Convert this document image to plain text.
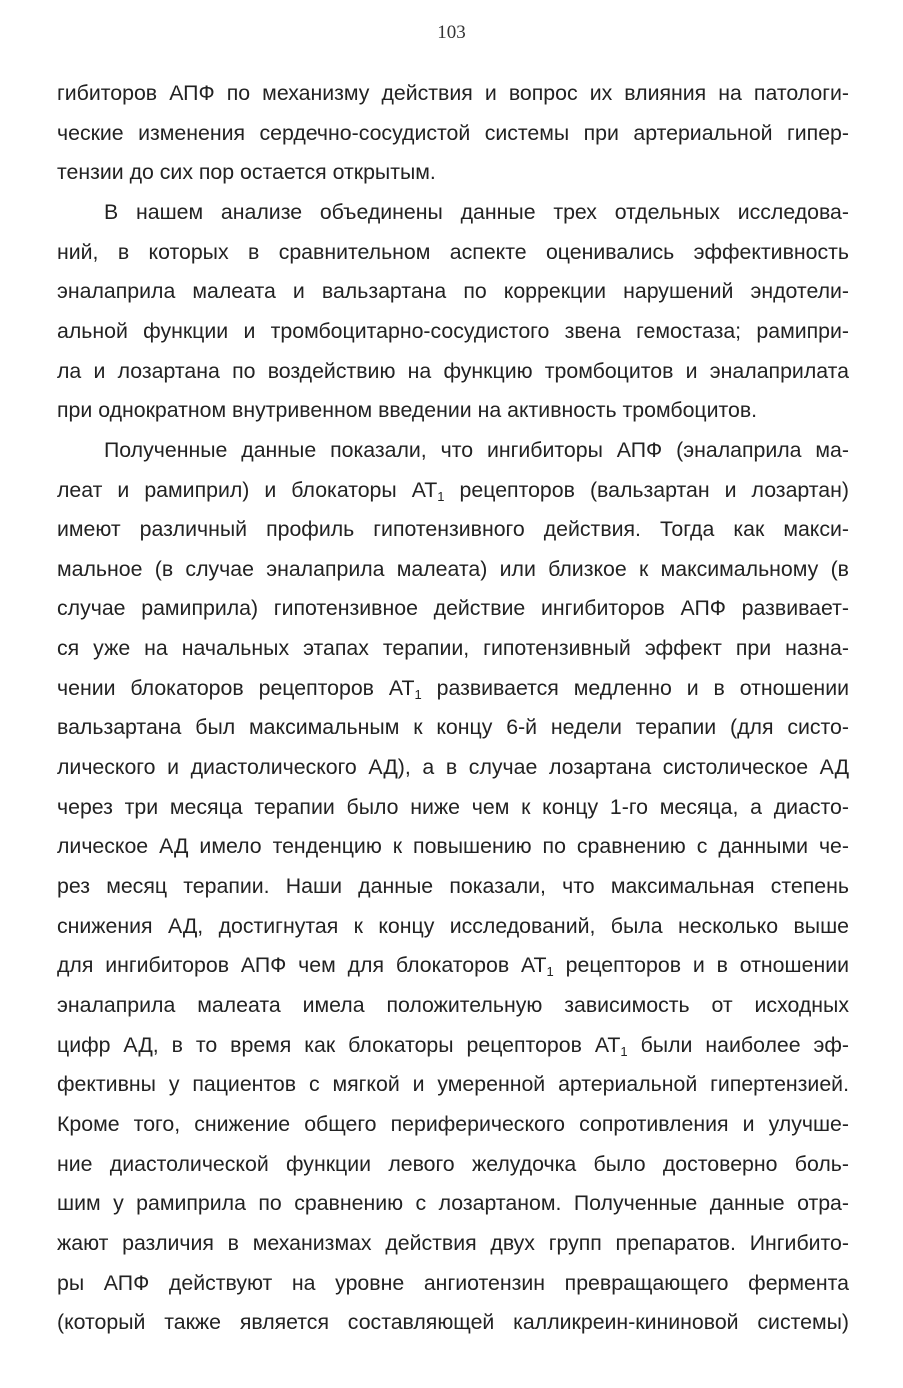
103
гибиторов АПФ по механизму действия и вопрос их влияния на патологи-
ческие изменения сердечно-сосудистой системы при артериальной гипер-
тензии до сих пор остается открытым.
В нашем анализе объединены данные трех отдельных исследова-
ний, в которых в сравнительном аспекте оценивались эффективность
эналаприла малеата и вальзартана по коррекции нарушений эндотели-
альной функции и тромбоцитарно-сосудистого звена гемостаза; рамипри-
ла и лозартана по воздействию на функцию тромбоцитов и эналаприлата
при однократном внутривенном введении на активность тромбоцитов.
Полученные данные показали, что ингибиторы АПФ (эналаприла ма-
леат и рамиприл) и блокаторы $АТ_1$ рецепторов (вальзартан и лозартан)
имеют различный профиль гипотензивного действия. Тогда как макси-
мальное (в случае эналаприла малеата) или близкое к максимальному (в
случае рамиприла) гипотензивное действие ингибиторов АПФ развивает-
ся уже на начальных этапах терапии, гипотензивный эффект при назна-
чении блокаторов рецепторов $АТ_1$ развивается медленно и в отношении
вальзартана был максимальным к концу 6-й недели терапии (для систо-
лического и диастолического АД), а в случае лозартана систолическое АД
через три месяца терапии было ниже чем к концу 1-го месяца, а диасто-
лическое АД имело тенденцию к повышению по сравнению с данными че-
рез месяц терапии. Наши данные показали, что максимальная степень
снижения АД, достигнутая к концу исследований, была несколько выше
для ингибиторов АПФ чем для блокаторов $АТ_1$ рецепторов и в отношении
эналаприла малеата имела положительную зависимость от исходных
цифр АД, в то время как блокаторы рецепторов $АТ_1$ были наиболее эф-
фективны у пациентов с мягкой и умеренной артериальной гипертензией.
Кроме того, снижение общего периферического сопротивления и улучше-
ние диастолической функции левого желудочка было достоверно боль-
шим у рамиприла по сравнению с лозартаном. Полученные данные отра-
жают различия в механизмах действия двух групп препаратов. Ингибито-
ры АПФ действуют на уровне ангиотензин превращающего фермента
(который также является составляющей калликреин-кининовой системы)
